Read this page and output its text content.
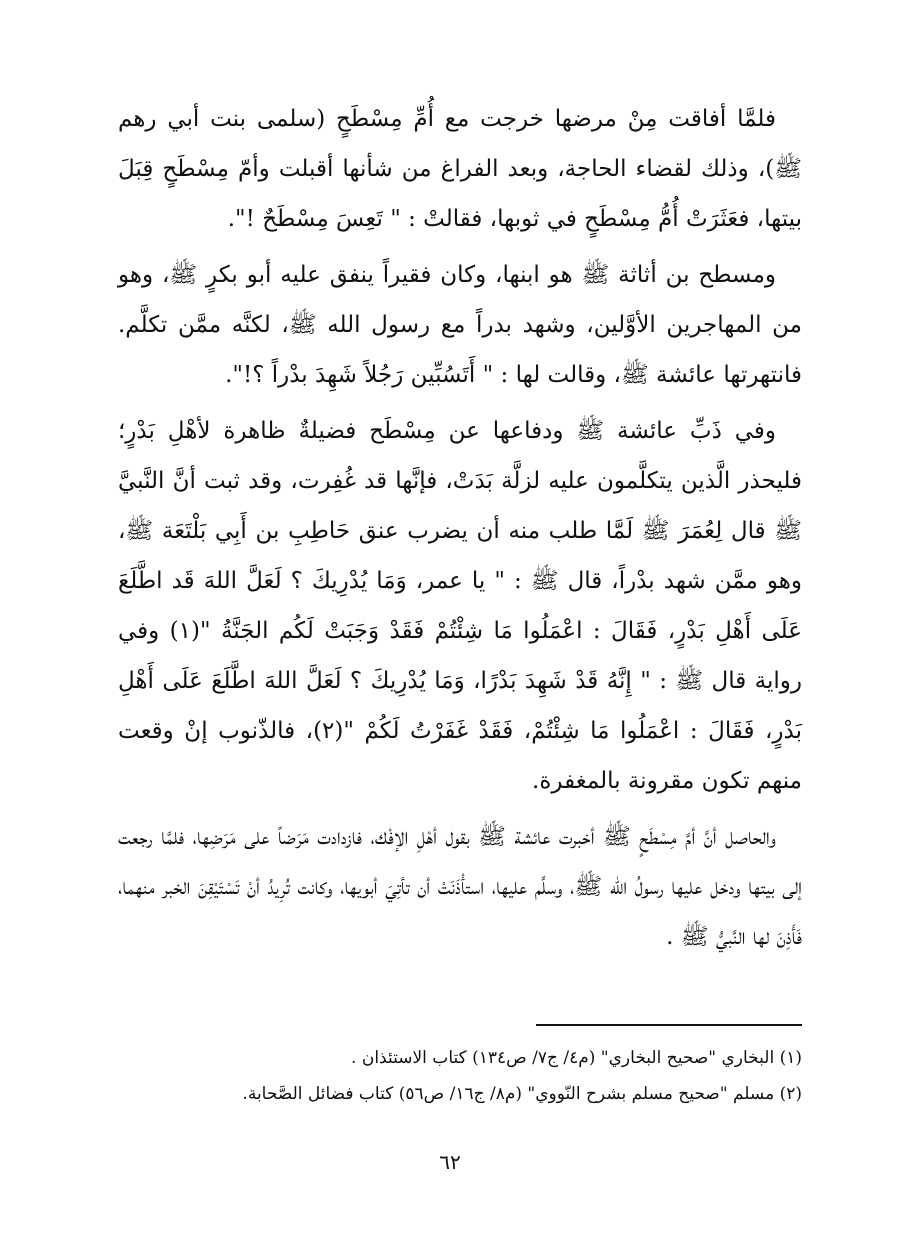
فلمَّا أفاقت مِنْ مرضها خرجت مع أُمِّ مِسْطَحٍ (سلمى بنت أبي رهم ﷺ)، وذلك لقضاء الحاجة، وبعد الفراغ من شأنها أقبلت وأمّ مِسْطَحٍ قِبَلَ بيتها، فعَثَرَتْ أُمُّ مِسْطَحٍ في ثوبها، فقالتْ : " تَعِسَ مِسْطَحٌ !".

ومسطح بن أثاثة ﷺ هو ابنها، وكان فقيراً ينفق عليه أبو بكرٍ ﷺ، وهو من المهاجرين الأوَّلين، وشهد بدراً مع رسول الله ﷺ، لكنَّه ممَّن تكلَّم. فانتهرتها عائشة ﷺ، وقالت لها : " أَتَسُبِّين رَجُلاً شَهِدَ بدْراً ؟!".

وفي ذَبِّ عائشة ﷺ ودفاعها عن مِسْطَح فضيلةٌ ظاهرة لأهْلِ بَدْرٍ؛ فليحذر الَّذين يتكلَّمون عليه لزلَّة بَدَتْ، فإنَّها قد غُفِرت، وقد ثبت أنَّ النَّبيَّ ﷺ قال لِعُمَرَ ﷺ لَمَّا طلب منه أن يضرب عنق حَاطِبِ بن أَبِي بَلْتَعَة ﷺ، وهو ممَّن شهد بدْراً، قال ﷺ : " يا عمر، وَمَا يُدْرِيكَ ؟ لَعَلَّ اللهَ قَد اطَّلَعَ عَلَى أَهْلِ بَدْرٍ، فَقَالَ : اعْمَلُوا مَا شِئْتُمْ فَقَدْ وَجَبَتْ لَكُم الجَنَّةُ "(١) وفي رواية قال ﷺ : " إِنَّهُ قَدْ شَهِدَ بَدْرًا، وَمَا يُدْرِيكَ ؟ لَعَلَّ اللهَ اطَّلَعَ عَلَى أَهْلِ بَدْرٍ، فَقَالَ : اعْمَلُوا مَا شِئْتُمْ، فَقَدْ غَفَرْتُ لَكُمْ "(٢)، فالذّنوب إنْ وقعت منهم تكون مقرونة بالمغفرة.

والحاصل أنَّ أمَّ مِسْطَحٍ ﷺ أخبرت عائشة ﷺ بقول أهْلِ الإفْك، فازدادت مَرَضاً على مَرَضِها، فلمَّا رجعت إلى بيتها ودخل عليها رسولُ الله ﷺ، وسلَّم عليها، استأْذَنَتْ أن تأتِيَ أبويها، وكانت تُرِيدُ أنْ تَسْتَيْقِنَ الخبر منهما، فَأَذِنَ لها النَّبيُّ ﷺ .

(١) البخاري "صحيح البخاري" (م٤/ ج٧/ ص١٣٤) كتاب الاستئذان .

(٢) مسلم "صحيح مسلم بشرح النّووي" (م٨/ ج١٦/ ص٥٦) كتاب فضائل الصَّحابة.

٦٢
